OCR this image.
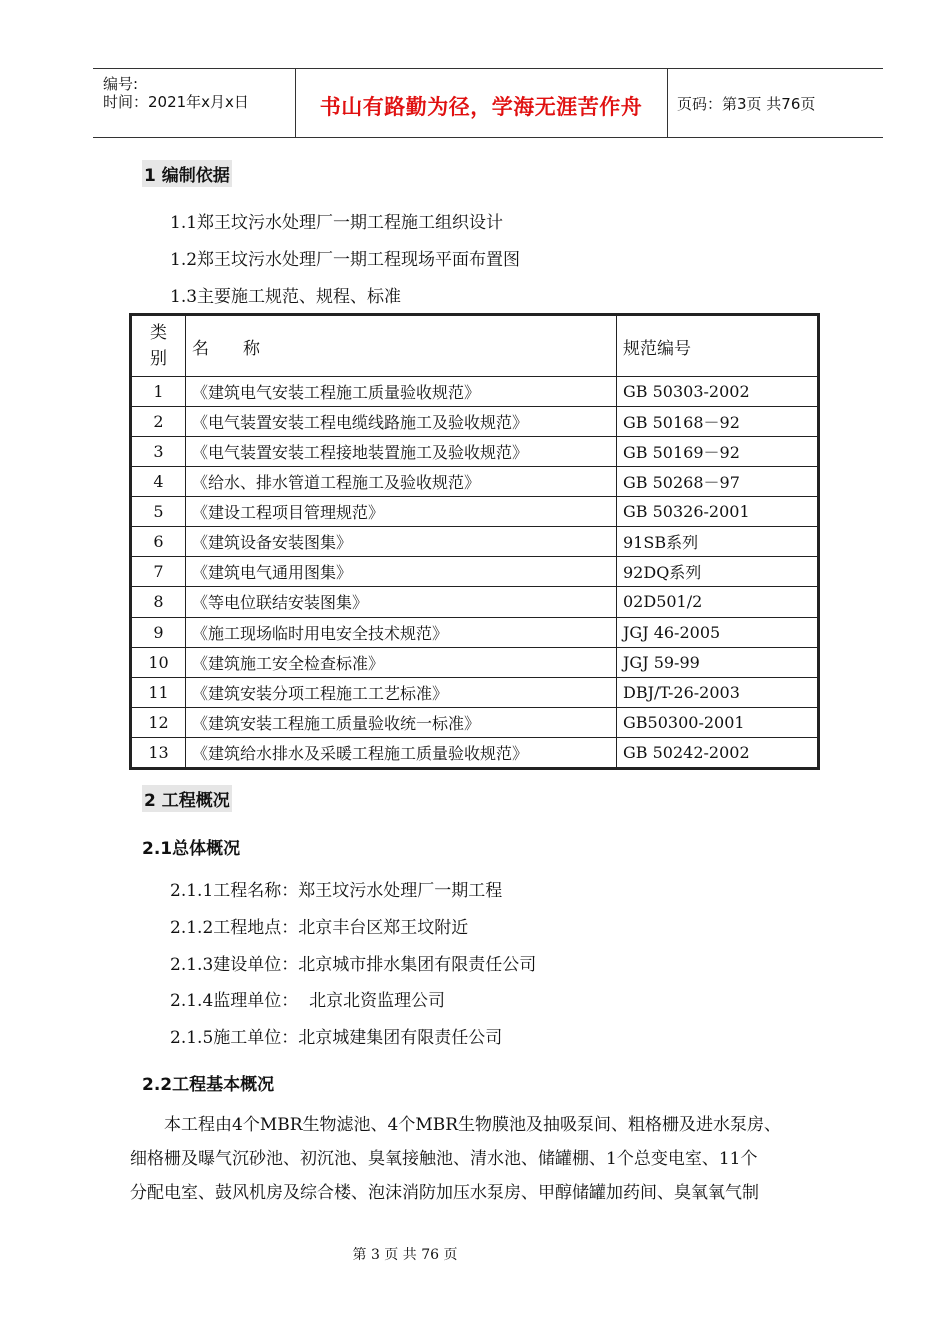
编号:
时间：2021年x月x日	书山有路勤为径，学海无涯苦作舟	页码：第3页 共76页
1 编制依据
1.1郑王坟污水处理厂一期工程施工组织设计
1.2郑王坟污水处理厂一期工程现场平面布置图
1.3主要施工规范、规程、标准
类别	名　　称	规范编号
1	《建筑电气安装工程施工质量验收规范》	GB 50303-2002
2	《电气装置安装工程电缆线路施工及验收规范》	GB 50168－92
3	《电气装置安装工程接地装置施工及验收规范》	GB 50169－92
4	《给水、排水管道工程施工及验收规范》	GB 50268－97
5	《建设工程项目管理规范》	GB 50326-2001
6	《建筑设备安装图集》	91SB系列
7	《建筑电气通用图集》	92DQ系列
8	《等电位联结安装图集》	02D501/2
9	《施工现场临时用电安全技术规范》	JGJ 46-2005
10	《建筑施工安全检查标准》	JGJ 59-99
11	《建筑安装分项工程施工工艺标准》	DBJ/T-26-2003
12	《建筑安装工程施工质量验收统一标准》	GB50300-2001
13	《建筑给水排水及采暖工程施工质量验收规范》	GB 50242-2002
2 工程概况
2.1总体概况
2.1.1工程名称：郑王坟污水处理厂一期工程
2.1.2工程地点：北京丰台区郑王坟附近
2.1.3建设单位：北京城市排水集团有限责任公司
2.1.4监理单位：  北京北资监理公司
2.1.5施工单位：北京城建集团有限责任公司
2.2工程基本概况
　　本工程由4个MBR生物滤池、4个MBR生物膜池及抽吸泵间、粗格栅及进水泵房、
细格栅及曝气沉砂池、初沉池、臭氧接触池、清水池、储罐棚、1个总变电室、11个
分配电室、鼓风机房及综合楼、泡沫消防加压水泵房、甲醇储罐加药间、臭氧氧气制
第 3 页 共 76 页
